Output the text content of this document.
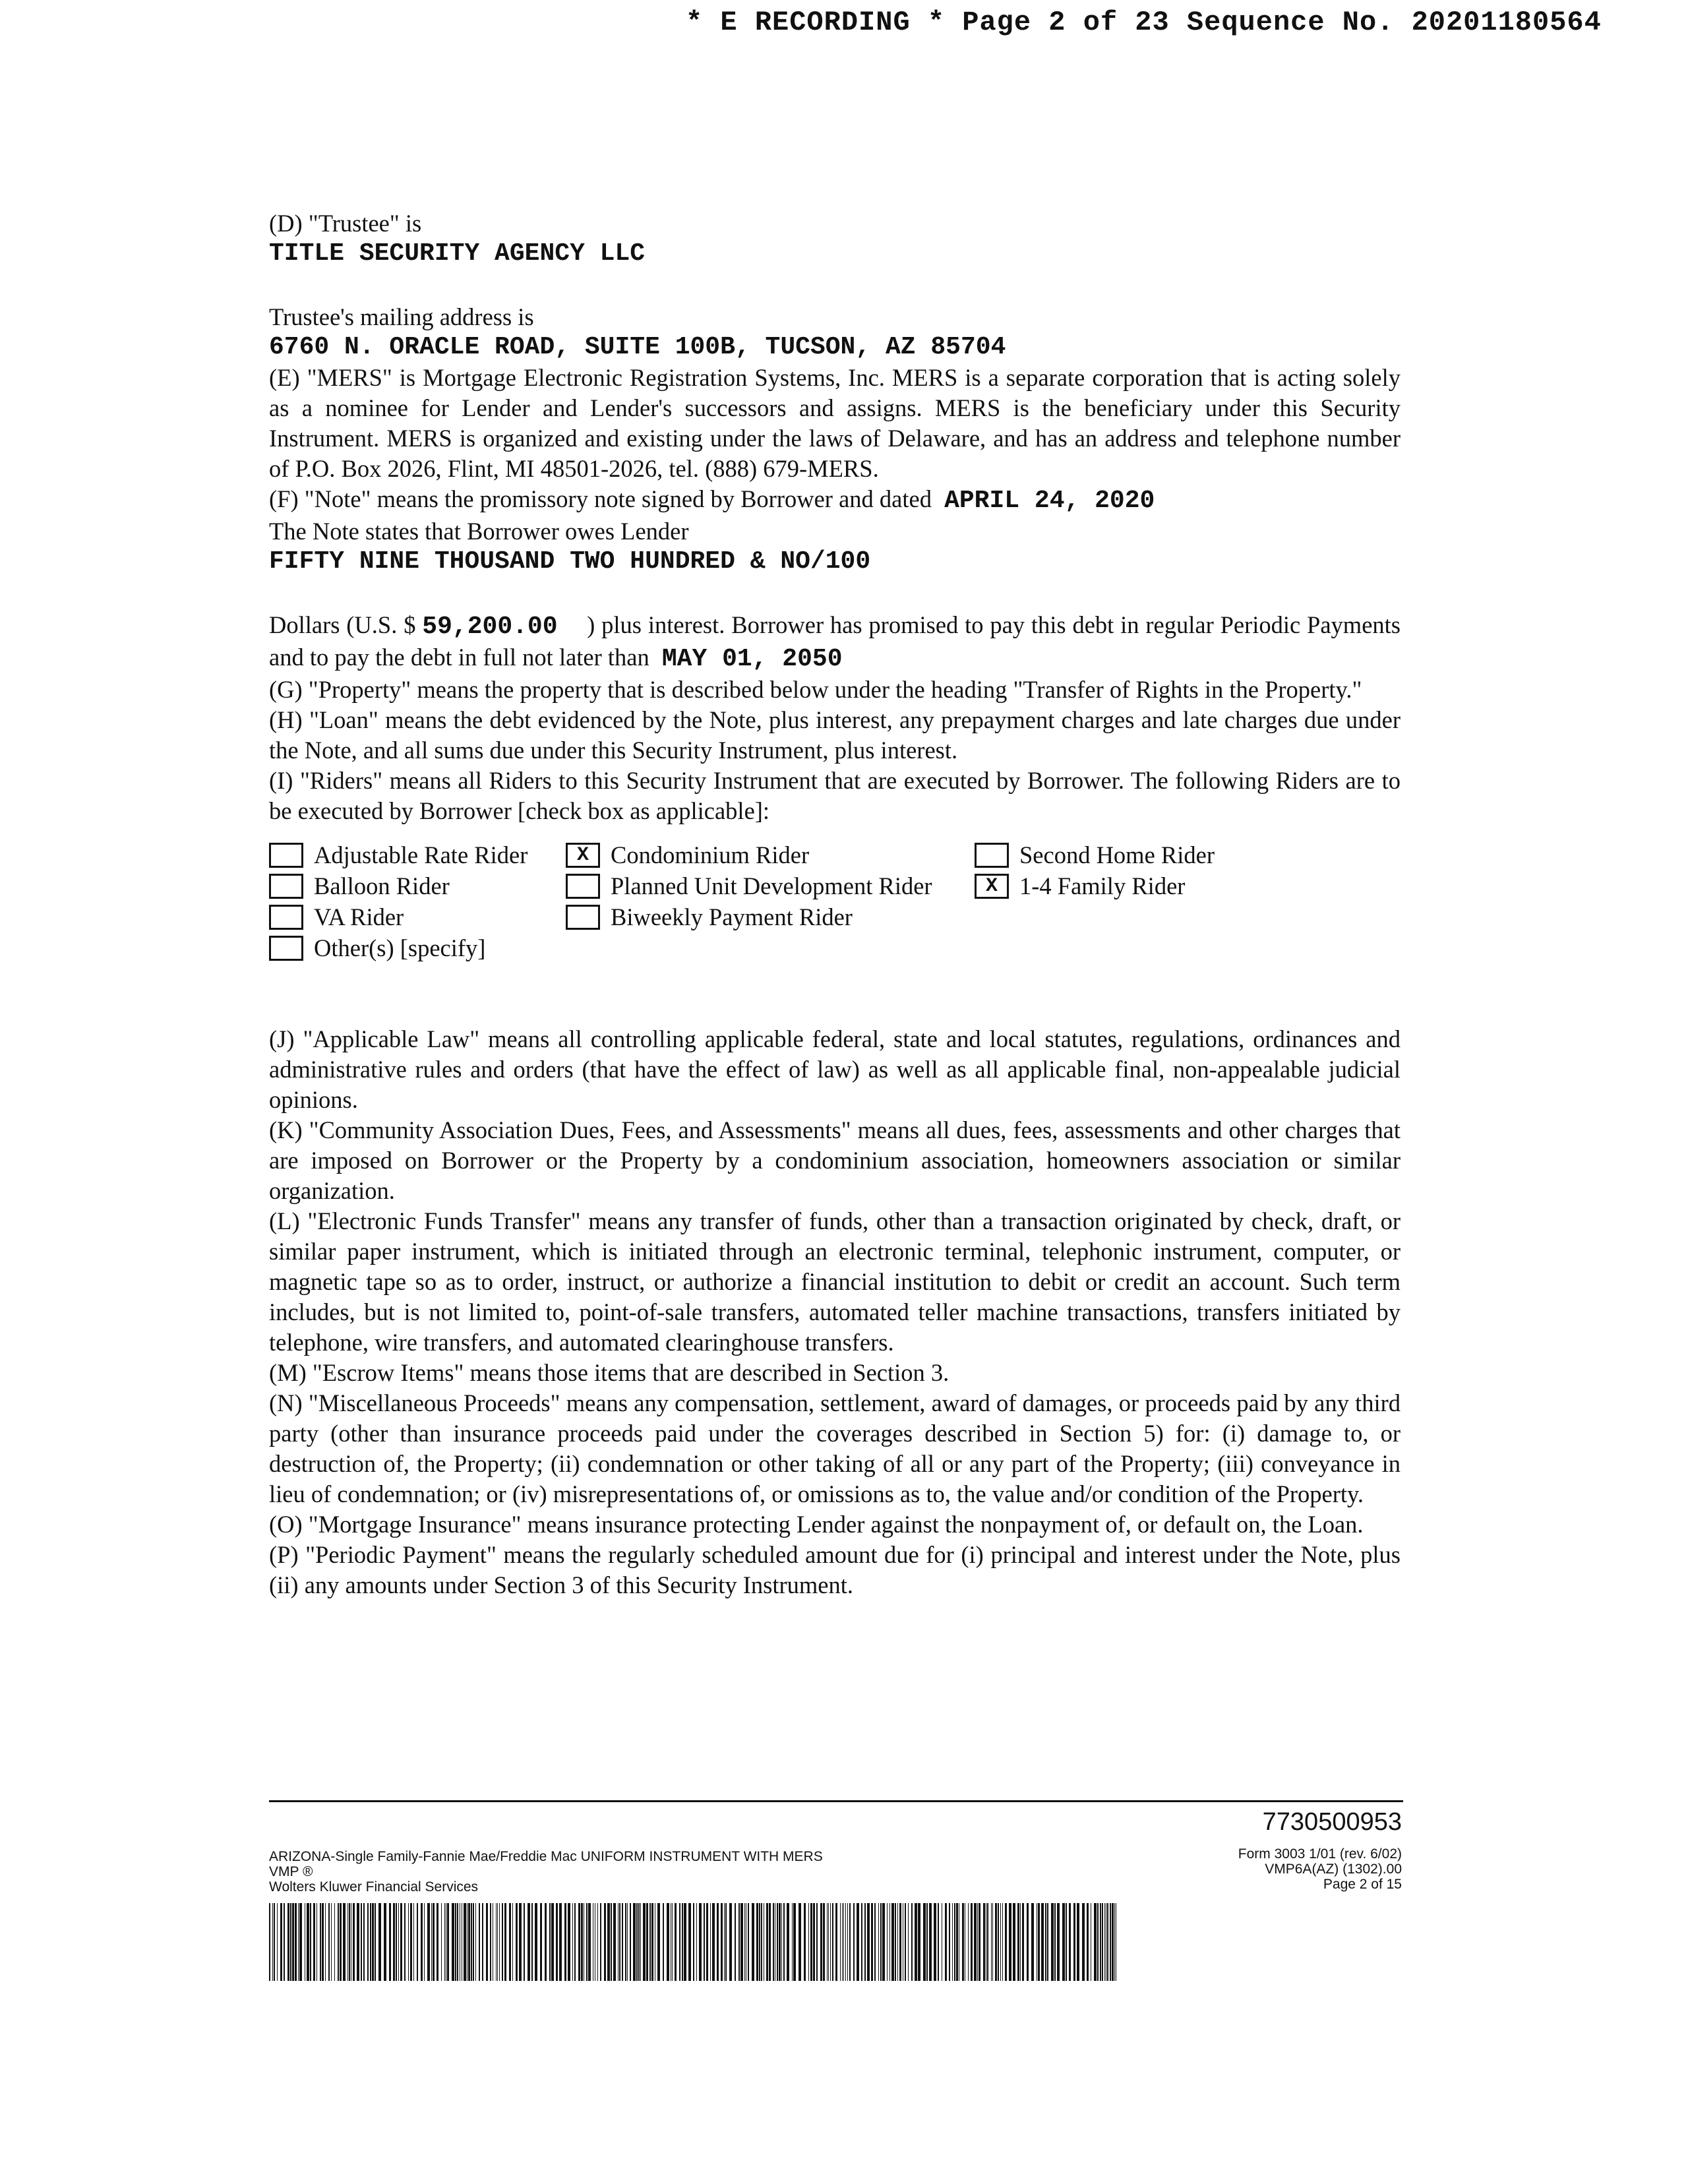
* E RECORDING * Page 2 of 23 Sequence No. 20201180564

(D) "Trustee" is

TITLE SECURITY AGENCY LLC

Trustee's mailing address is

6760 N. ORACLE ROAD, SUITE 100B, TUCSON, AZ 85704

(E) "MERS" is Mortgage Electronic Registration Systems, Inc. MERS is a separate corporation that is acting solely as a nominee for Lender and Lender's successors and assigns. MERS is the beneficiary under this Security Instrument. MERS is organized and existing under the laws of Delaware, and has an address and telephone number of P.O. Box 2026, Flint, MI 48501-2026, tel. (888) 679-MERS.

(F) "Note" means the promissory note signed by Borrower and dated APRIL 24, 2020

The Note states that Borrower owes Lender

FIFTY NINE THOUSAND TWO HUNDRED & NO/100

Dollars (U.S. $ 59,200.00 ) plus interest. Borrower has promised to pay this debt in regular Periodic Payments and to pay the debt in full not later than MAY 01, 2050

(G) "Property" means the property that is described below under the heading "Transfer of Rights in the Property."

(H) "Loan" means the debt evidenced by the Note, plus interest, any prepayment charges and late charges due under the Note, and all sums due under this Security Instrument, plus interest.

(I) "Riders" means all Riders to this Security Instrument that are executed by Borrower. The following Riders are to be executed by Borrower [check box as applicable]:

Adjustable Rate Rider	X Condominium Rider	Second Home Rider
Balloon Rider	Planned Unit Development Rider	X 1-4 Family Rider
VA Rider	Biweekly Payment Rider
Other(s) [specify]

(J) "Applicable Law" means all controlling applicable federal, state and local statutes, regulations, ordinances and administrative rules and orders (that have the effect of law) as well as all applicable final, non-appealable judicial opinions.

(K) "Community Association Dues, Fees, and Assessments" means all dues, fees, assessments and other charges that are imposed on Borrower or the Property by a condominium association, homeowners association or similar organization.

(L) "Electronic Funds Transfer" means any transfer of funds, other than a transaction originated by check, draft, or similar paper instrument, which is initiated through an electronic terminal, telephonic instrument, computer, or magnetic tape so as to order, instruct, or authorize a financial institution to debit or credit an account. Such term includes, but is not limited to, point-of-sale transfers, automated teller machine transactions, transfers initiated by telephone, wire transfers, and automated clearinghouse transfers.

(M) "Escrow Items" means those items that are described in Section 3.

(N) "Miscellaneous Proceeds" means any compensation, settlement, award of damages, or proceeds paid by any third party (other than insurance proceeds paid under the coverages described in Section 5) for: (i) damage to, or destruction of, the Property; (ii) condemnation or other taking of all or any part of the Property; (iii) conveyance in lieu of condemnation; or (iv) misrepresentations of, or omissions as to, the value and/or condition of the Property.

(O) "Mortgage Insurance" means insurance protecting Lender against the nonpayment of, or default on, the Loan.

(P) "Periodic Payment" means the regularly scheduled amount due for (i) principal and interest under the Note, plus (ii) any amounts under Section 3 of this Security Instrument.

7730500953
ARIZONA-Single Family-Fannie Mae/Freddie Mac UNIFORM INSTRUMENT WITH MERS
VMP ®
Wolters Kluwer Financial Services
Form 3003 1/01 (rev. 6/02)
VMP6A(AZ) (1302).00
Page 2 of 15
